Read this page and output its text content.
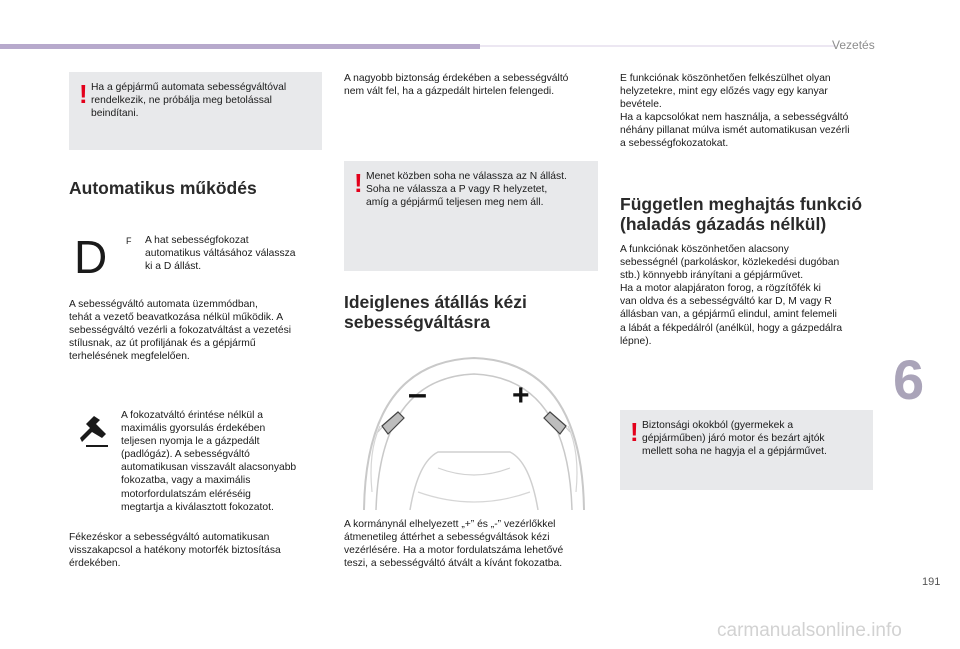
Vezetés
6
! Ha a gépjármű automata sebességváltóval
rendelkezik, ne próbálja meg betolással
beindítani.

Automatikus működés
D F A hat sebességfokozat
automatikus váltásához válassza
ki a D állást.

A sebességváltó automata üzemmódban,
tehát a vezető beavatkozása nélkül működik. A
sebességváltó vezérli a fokozatváltást a vezetési
stílusnak, az út profiljának és a gépjármű
terhelésének megfelelően.

A fokozatváltó érintése nélkül a
maximális gyorsulás érdekében
teljesen nyomja le a gázpedált
(padlógáz). A sebességváltó
automatikusan visszavált alacsonyabb
fokozatba, vagy a maximális
motorfordulatszám eléréséig
megtartja a kiválasztott fokozatot.

Fékezéskor a sebességváltó automatikusan
visszakapcsol a hatékony motorfék biztosítása
érdekében.

A nagyobb biztonság érdekében a sebességváltó
nem vált fel, ha a gázpedált hirtelen felengedi.

! Menet közben soha ne válassza az N állást.
Soha ne válassza a P vagy R helyzetet,
amíg a gépjármű teljesen meg nem áll.

Ideiglenes átállás kézi
sebességváltásra
–	+

A kormánynál elhelyezett „+” és „-” vezérlőkkel
átmenetileg áttérhet a sebességváltások kézi
vezérlésére. Ha a motor fordulatszáma lehetővé
teszi, a sebességváltó átvált a kívánt fokozatba.

E funkciónak köszönhetően felkészülhet olyan
helyzetekre, mint egy előzés vagy egy kanyar
bevétele.
Ha a kapcsolókat nem használja, a sebességváltó
néhány pillanat múlva ismét automatikusan vezérli
a sebességfokozatokat.

Független meghajtás funkció
(haladás gázadás nélkül)

A funkciónak köszönhetően alacsony
sebességnél (parkoláskor, közlekedési dugóban
stb.) könnyebb irányítani a gépjárművet.
Ha a motor alapjáraton forog, a rögzítőfék ki
van oldva és a sebességváltó kar D, M vagy R
állásban van, a gépjármű elindul, amint felemeli
a lábát a fékpedálról (anélkül, hogy a gázpedálra
lépne).

! Biztonsági okokból (gyermekek a
gépjárműben) járó motor és bezárt ajtók
mellett soha ne hagyja el a gépjárművet.

191
carmanualsonline.info
